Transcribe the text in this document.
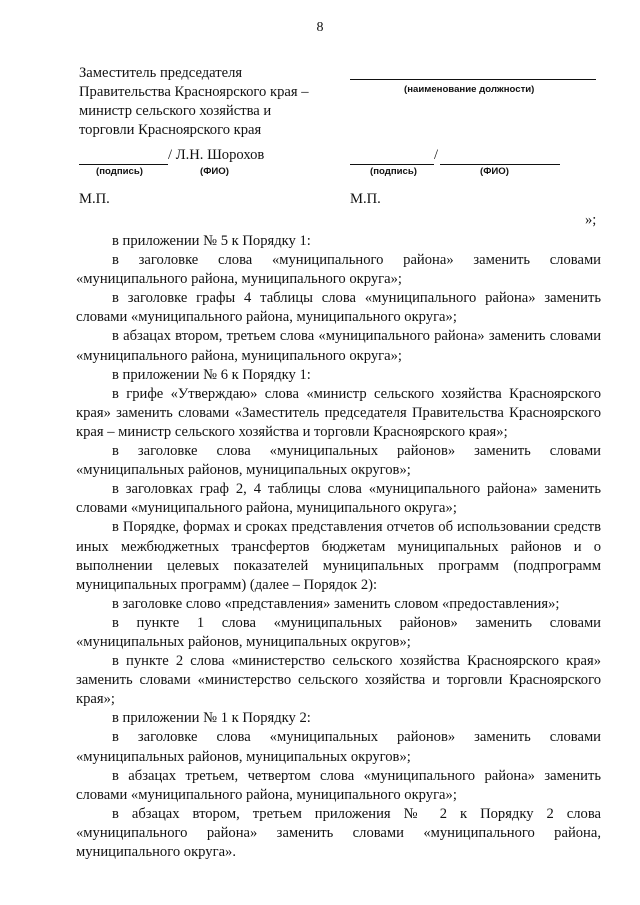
8
Заместитель председателя
Правительства Красноярского края –
министр сельского хозяйства и
торговли Красноярского края
(наименование должности)
/ Л.Н. Шорохов
(подпись)	(ФИО)
/
(подпись)	(ФИО)
М.П.	М.П.
»;

в приложении № 5 к Порядку 1:

в заголовке слова «муниципального района» заменить словами «муниципального района, муниципального округа»;

в заголовке графы 4 таблицы слова «муниципального района» заменить словами «муниципального района, муниципального округа»;

в абзацах втором, третьем слова «муниципального района» заменить словами «муниципального района, муниципального округа»;

в приложении № 6 к Порядку 1:

в грифе «Утверждаю» слова «министр сельского хозяйства Красноярского края» заменить словами «Заместитель председателя Правительства Красноярского края – министр сельского хозяйства и торговли Красноярского края»;

в заголовке слова «муниципальных районов» заменить словами «муниципальных районов, муниципальных округов»;

в заголовках граф 2, 4 таблицы слова «муниципального района» заменить словами «муниципального района, муниципального округа»;

в Порядке, формах и сроках представления отчетов об использовании средств иных межбюджетных трансфертов бюджетам муниципальных районов и о выполнении целевых показателей муниципальных программ (подпрограмм муниципальных программ) (далее – Порядок 2):

в заголовке слово «представления» заменить словом «предоставления»;

в пункте 1 слова «муниципальных районов» заменить словами «муниципальных районов, муниципальных округов»;

в пункте 2 слова «министерство сельского хозяйства Красноярского края» заменить словами «министерство сельского хозяйства и торговли Красноярского края»;

в приложении № 1 к Порядку 2:

в заголовке слова «муниципальных районов» заменить словами «муниципальных районов, муниципальных округов»;

в абзацах третьем, четвертом слова «муниципального района» заменить словами «муниципального района, муниципального округа»;

в абзацах втором, третьем приложения № 2 к Порядку 2 слова «муниципального района» заменить словами «муниципального района, муниципального округа».
